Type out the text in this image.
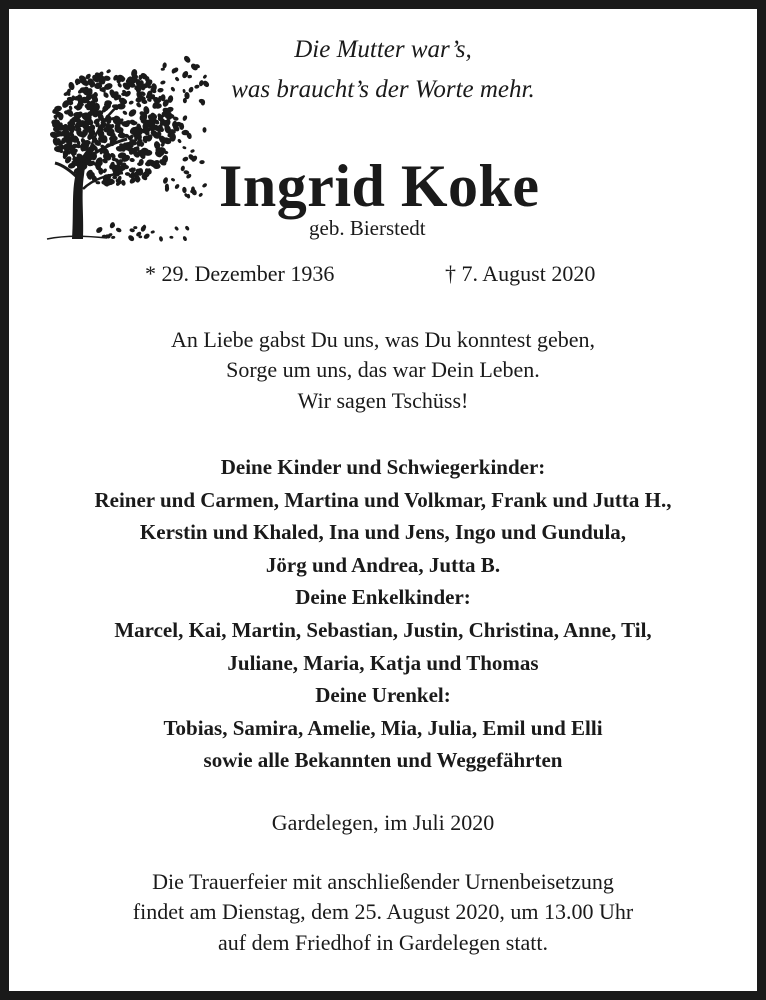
Die Mutter war’s,
was braucht’s der Worte mehr.
Ingrid Koke
geb. Bierstedt
* 29. Dezember 1936	† 7. August 2020
An Liebe gabst Du uns, was Du konntest geben,
Sorge um uns, das war Dein Leben.
Wir sagen Tschüss!
Deine Kinder und Schwiegerkinder:
Reiner und Carmen, Martina und Volkmar, Frank und Jutta H.,
Kerstin und Khaled, Ina und Jens, Ingo und Gundula,
Jörg und Andrea, Jutta B.
Deine Enkelkinder:
Marcel, Kai, Martin, Sebastian, Justin, Christina, Anne, Til,
Juliane, Maria, Katja und Thomas
Deine Urenkel:
Tobias, Samira, Amelie, Mia, Julia, Emil und Elli
sowie alle Bekannten und Weggefährten
Gardelegen, im Juli 2020
Die Trauerfeier mit anschließender Urnenbeisetzung
findet am Dienstag, dem 25. August 2020, um 13.00 Uhr
auf dem Friedhof in Gardelegen statt.
